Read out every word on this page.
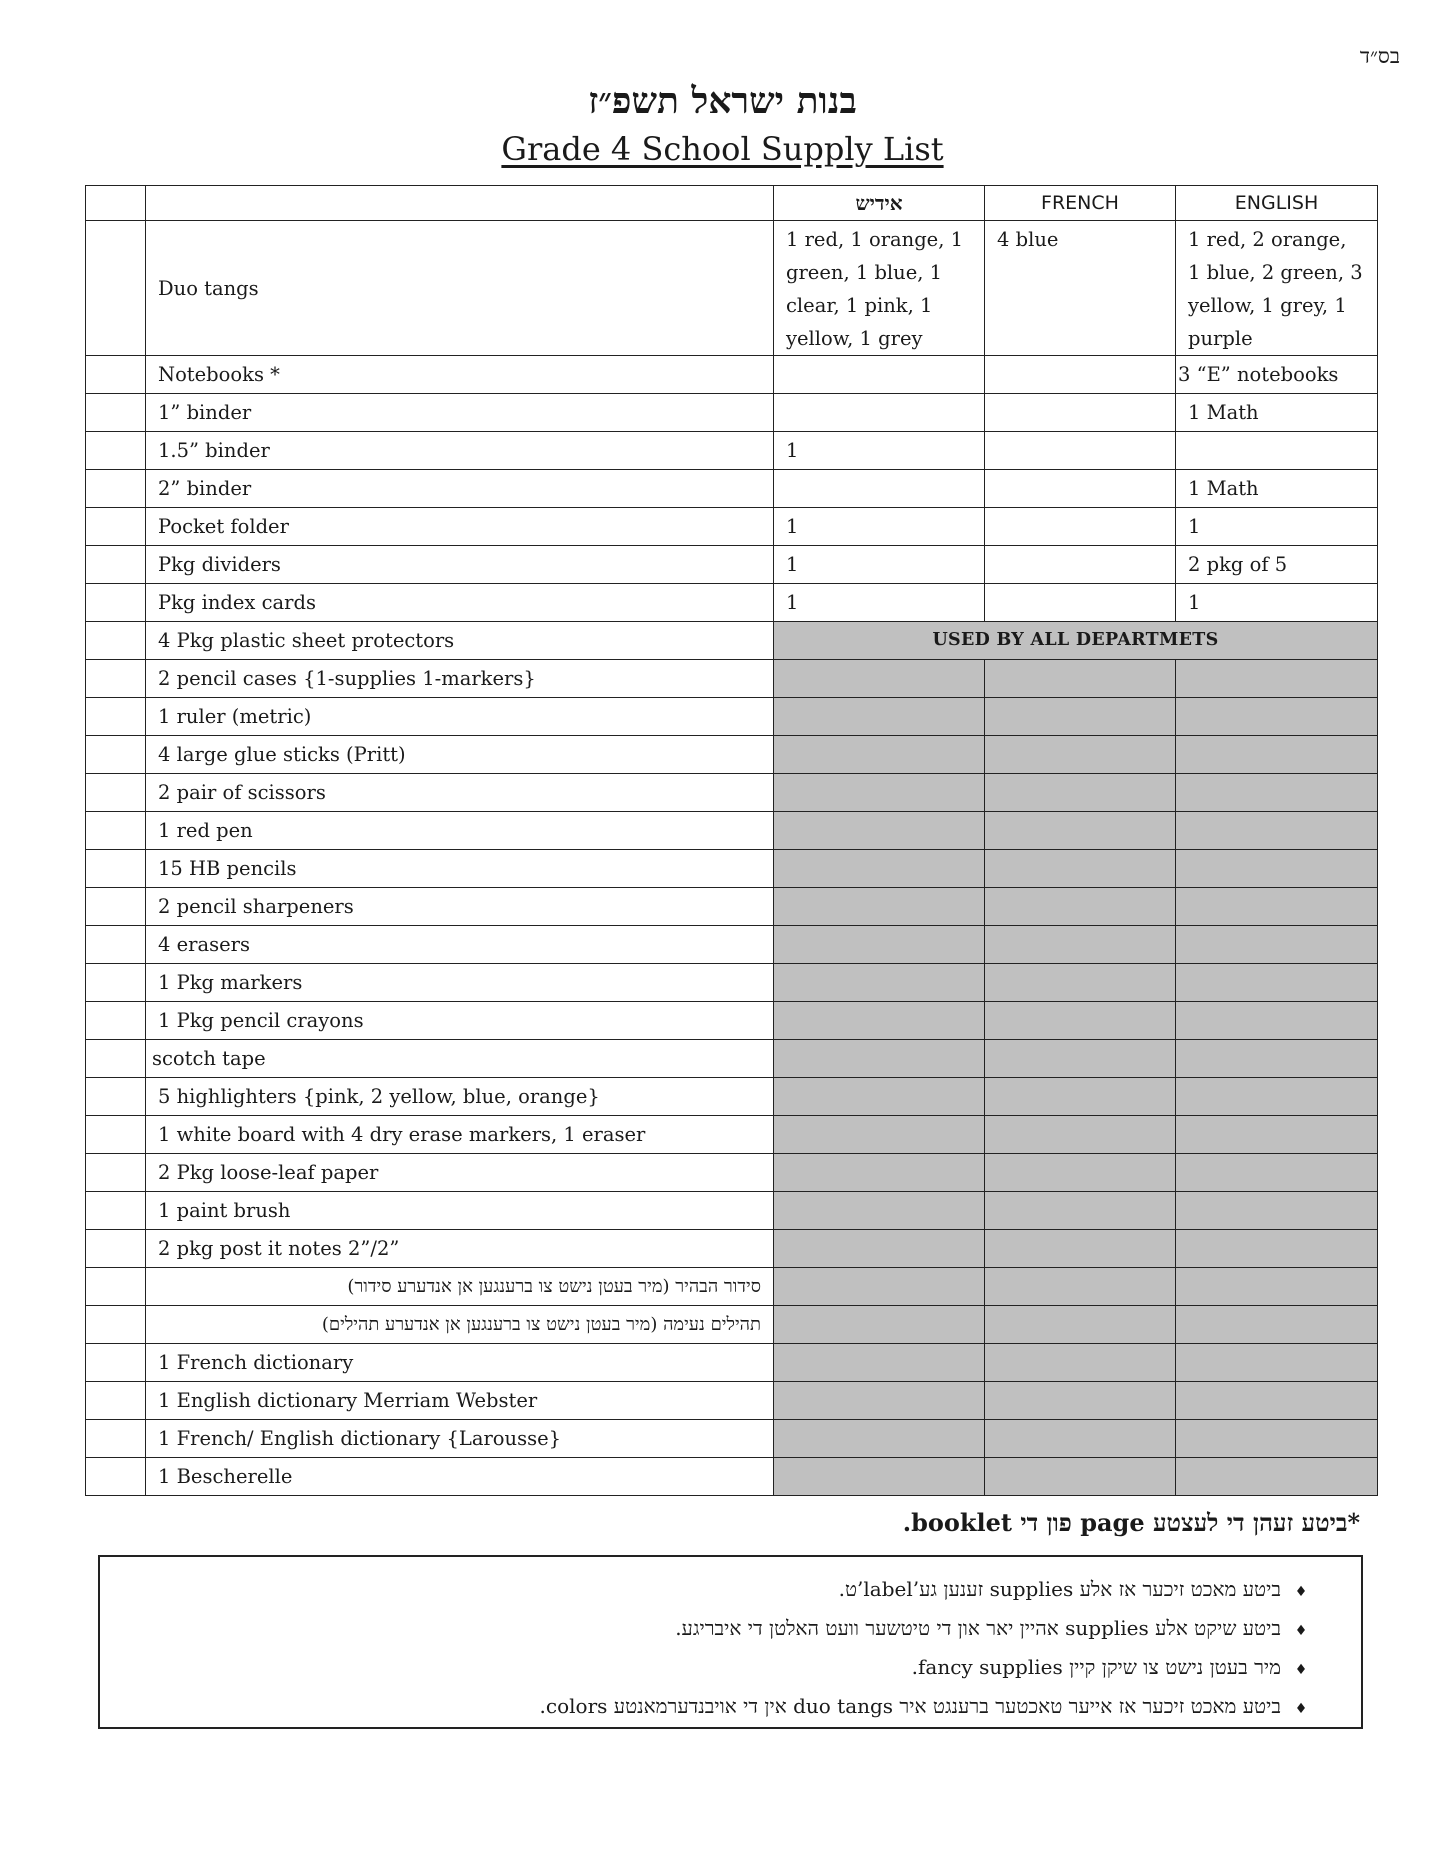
בס״ד
בנות ישראל תשפ״ז
Grade 4 School Supply List
		אידיש	FRENCH	ENGLISH
	Duo tangs	1 red, 1 orange, 1 green, 1 blue, 1 clear, 1 pink, 1 yellow, 1 grey	4 blue	1 red, 2 orange, 1 blue, 2 green, 3 yellow, 1 grey, 1 purple
	Notebooks *			3 “E” notebooks
	1” binder			1 Math
	1.5” binder	1		
	2” binder			1 Math
	Pocket folder	1		1
	Pkg dividers	1		2 pkg of 5
	Pkg index cards	1		1
	4 Pkg plastic sheet protectors	USED BY ALL DEPARTMETS		
	2 pencil cases {1-supplies 1-markers}			
	1 ruler (metric)			
	4 large glue sticks (Pritt)			
	2 pair of scissors			
	1 red pen			
	15 HB pencils			
	2 pencil sharpeners			
	4 erasers			
	1 Pkg markers			
	1 Pkg pencil crayons			
	scotch tape			
	5 highlighters {pink, 2 yellow, blue, orange}			
	1 white board with 4 dry erase markers, 1 eraser			
	2 Pkg loose-leaf paper			
	1 paint brush			
	2 pkg post it notes 2”/2”			
	סידור הבהיר (מיר בעטן נישט צו ברענגען אן אנדערע סידור)			
	תהילים נעימה (מיר בעטן נישט צו ברענגען אן אנדערע תהילים)			
	1 French dictionary			
	1 English dictionary Merriam Webster			
	1 French/ English dictionary {Larousse}			
	1 Bescherelle			
*ביטע זעהן די לעצטע page פון די booklet.
♦ביטע מאכט זיכער אז אלע supplies זענען גע’label’ט.
♦ביטע שיקט אלע supplies אהיין יאר און די טיטשער וועט האלטן די איבריגע.
♦מיר בעטן נישט צו שיקן קיין fancy supplies.
♦ביטע מאכט זיכער אז אייער טאכטער ברענגט איר duo tangs אין די אויבנדערמאנטע colors.
